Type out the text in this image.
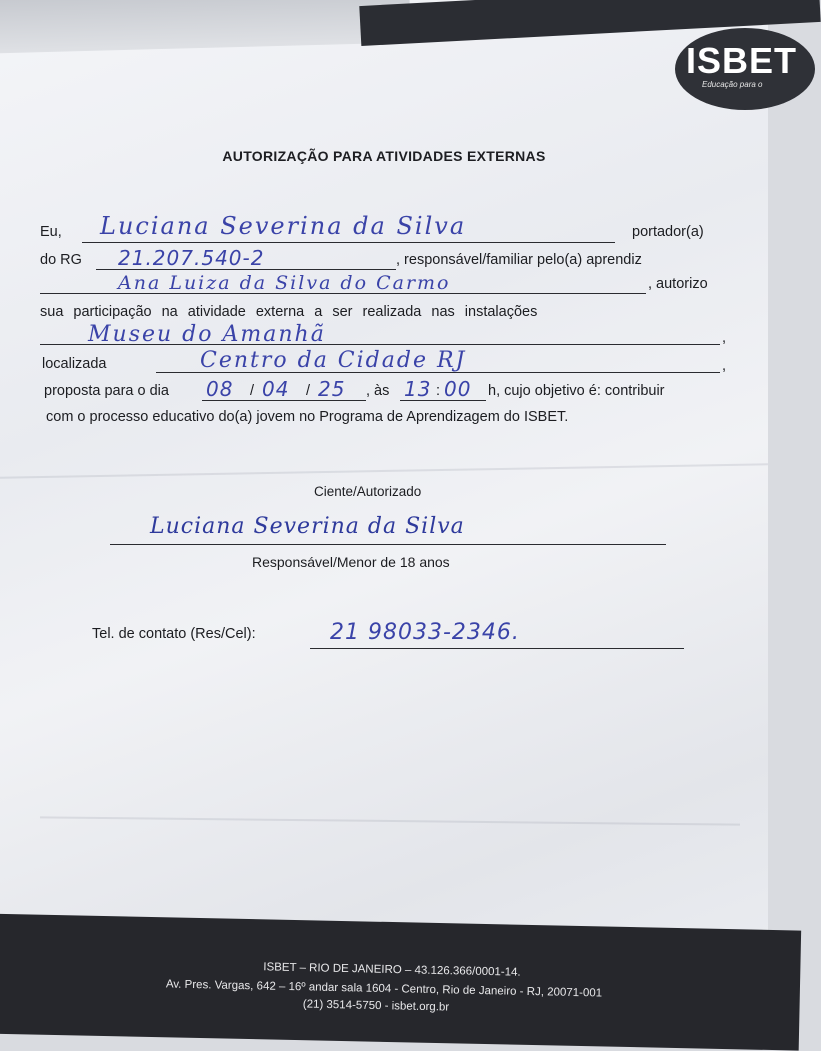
ISBET
Educação para o
AUTORIZAÇÃO PARA ATIVIDADES EXTERNAS
Eu, Luciana Severina da Silva	portador(a)
do RG 21.207.540-2	, responsável/familiar pelo(a) aprendiz
Ana Luiza da Silva do Carmo	, autorizo
sua participação na atividade externa a ser realizada nas instalações
Museu do Amanhã	,
localizada	Centro da Cidade RJ	,
proposta para o dia 08 / 04 / 25 , às 13 : 00 h, cujo objetivo é: contribuir
com o processo educativo do(a) jovem no Programa de Aprendizagem do ISBET.
Ciente/Autorizado
Luciana Severina da Silva
Responsável/Menor de 18 anos
Tel. de contato (Res/Cel):	21 98033-2346.
ISBET – RIO DE JANEIRO – 43.126.366/0001-14.
Av. Pres. Vargas, 642 – 16º andar sala 1604 - Centro, Rio de Janeiro - RJ, 20071-001
(21) 3514-5750 - isbet.org.br
